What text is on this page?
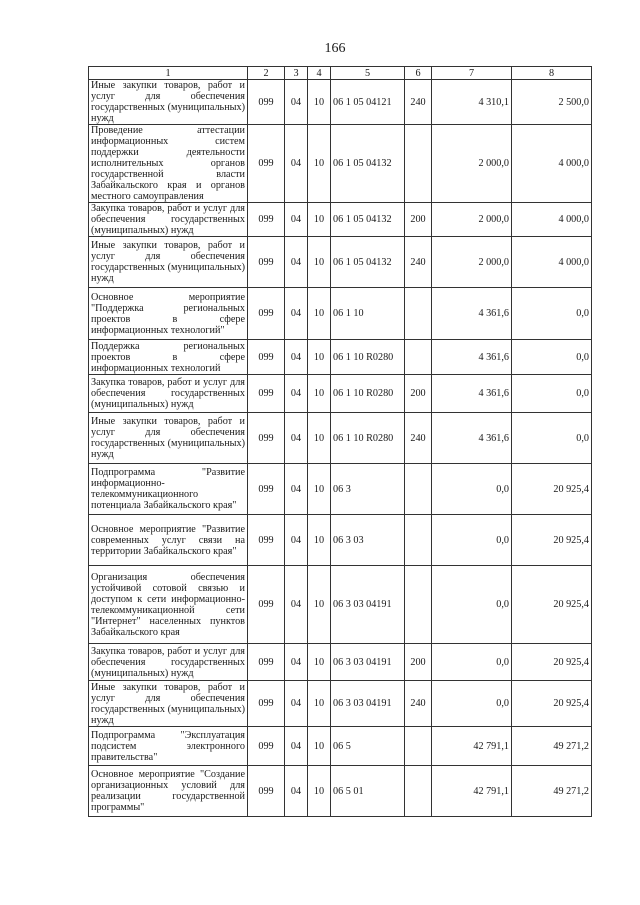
166
1	2	3	4	5	6	7	8
Иные закупки товаров, работ и услуг для обеспечения государственных (муниципальных) нужд	099	04	10	06 1 05 04121	240	4 310,1	2 500,0
Проведение аттестации информационных систем поддержки деятельности исполнительных органов государственной власти Забайкальского края и органов местного самоуправления	099	04	10	06 1 05 04132		2 000,0	4 000,0
Закупка товаров, работ и услуг для обеспечения государственных (муниципальных) нужд	099	04	10	06 1 05 04132	200	2 000,0	4 000,0
Иные закупки товаров, работ и услуг для обеспечения государственных (муниципальных) нужд	099	04	10	06 1 05 04132	240	2 000,0	4 000,0
Основное мероприятие "Поддержка региональных проектов в сфере информационных технологий"	099	04	10	06 1 10		4 361,6	0,0
Поддержка региональных проектов в сфере информационных технологий	099	04	10	06 1 10 R0280		4 361,6	0,0
Закупка товаров, работ и услуг для обеспечения государственных (муниципальных) нужд	099	04	10	06 1 10 R0280	200	4 361,6	0,0
Иные закупки товаров, работ и услуг для обеспечения государственных (муниципальных) нужд	099	04	10	06 1 10 R0280	240	4 361,6	0,0
Подпрограмма "Развитие информационно-телекоммуникационного потенциала Забайкальского края"	099	04	10	06 3		0,0	20 925,4
Основное мероприятие "Развитие современных услуг связи на территории Забайкальского края"	099	04	10	06 3 03		0,0	20 925,4
Организация обеспечения устойчивой сотовой связью и доступом к сети информационно-телекоммуникационной сети "Интернет" населенных пунктов Забайкальского края	099	04	10	06 3 03 04191		0,0	20 925,4
Закупка товаров, работ и услуг для обеспечения государственных (муниципальных) нужд	099	04	10	06 3 03 04191	200	0,0	20 925,4
Иные закупки товаров, работ и услуг для обеспечения государственных (муниципальных) нужд	099	04	10	06 3 03 04191	240	0,0	20 925,4
Подпрограмма "Эксплуатация подсистем электронного правительства"	099	04	10	06 5		42 791,1	49 271,2
Основное мероприятие "Создание организационных условий для реализации государственной программы"	099	04	10	06 5 01		42 791,1	49 271,2
